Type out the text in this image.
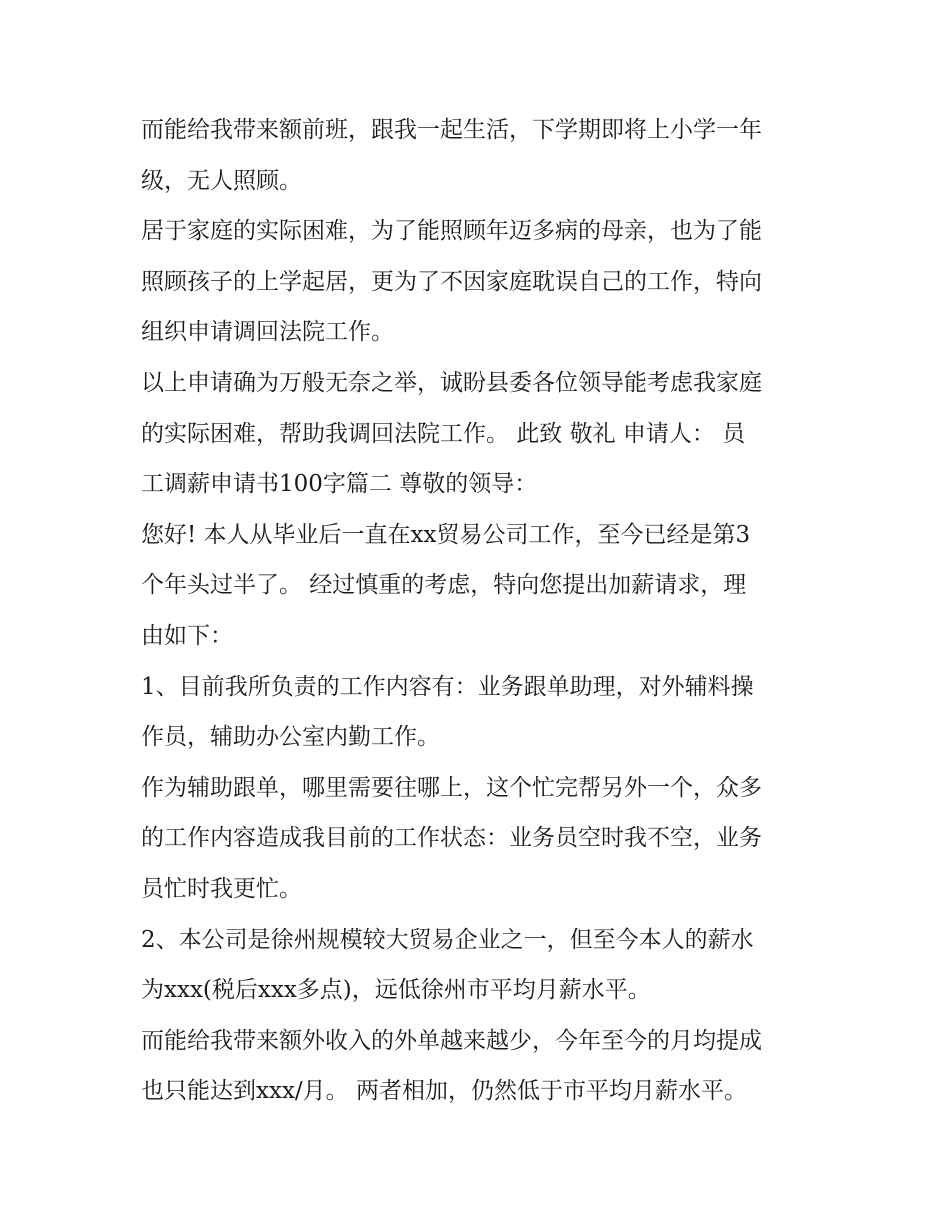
而能给我带来额前班，跟我一起生活，下学期即将上小学一年
级，无人照顾。
居于家庭的实际困难，为了能照顾年迈多病的母亲，也为了能
照顾孩子的上学起居，更为了不因家庭耽误自己的工作，特向
组织申请调回法院工作。
以上申请确为万般无奈之举，诚盼县委各位领导能考虑我家庭
的实际困难，帮助我调回法院工作。 此致 敬礼 申请人： 员
工调薪申请书100字篇二 尊敬的领导：
您好! 本人从毕业后一直在xx贸易公司工作，至今已经是第3
个年头过半了。 经过慎重的考虑，特向您提出加薪请求，理
由如下：
1、目前我所负责的工作内容有：业务跟单助理，对外辅料操
作员，辅助办公室内勤工作。
作为辅助跟单，哪里需要往哪上，这个忙完帮另外一个，众多
的工作内容造成我目前的工作状态：业务员空时我不空，业务
员忙时我更忙。
2、本公司是徐州规模较大贸易企业之一，但至今本人的薪水
为xxx(税后xxx多点)，远低徐州市平均月薪水平。
而能给我带来额外收入的外单越来越少，今年至今的月均提成
也只能达到xxx/月。 两者相加，仍然低于市平均月薪水平。
